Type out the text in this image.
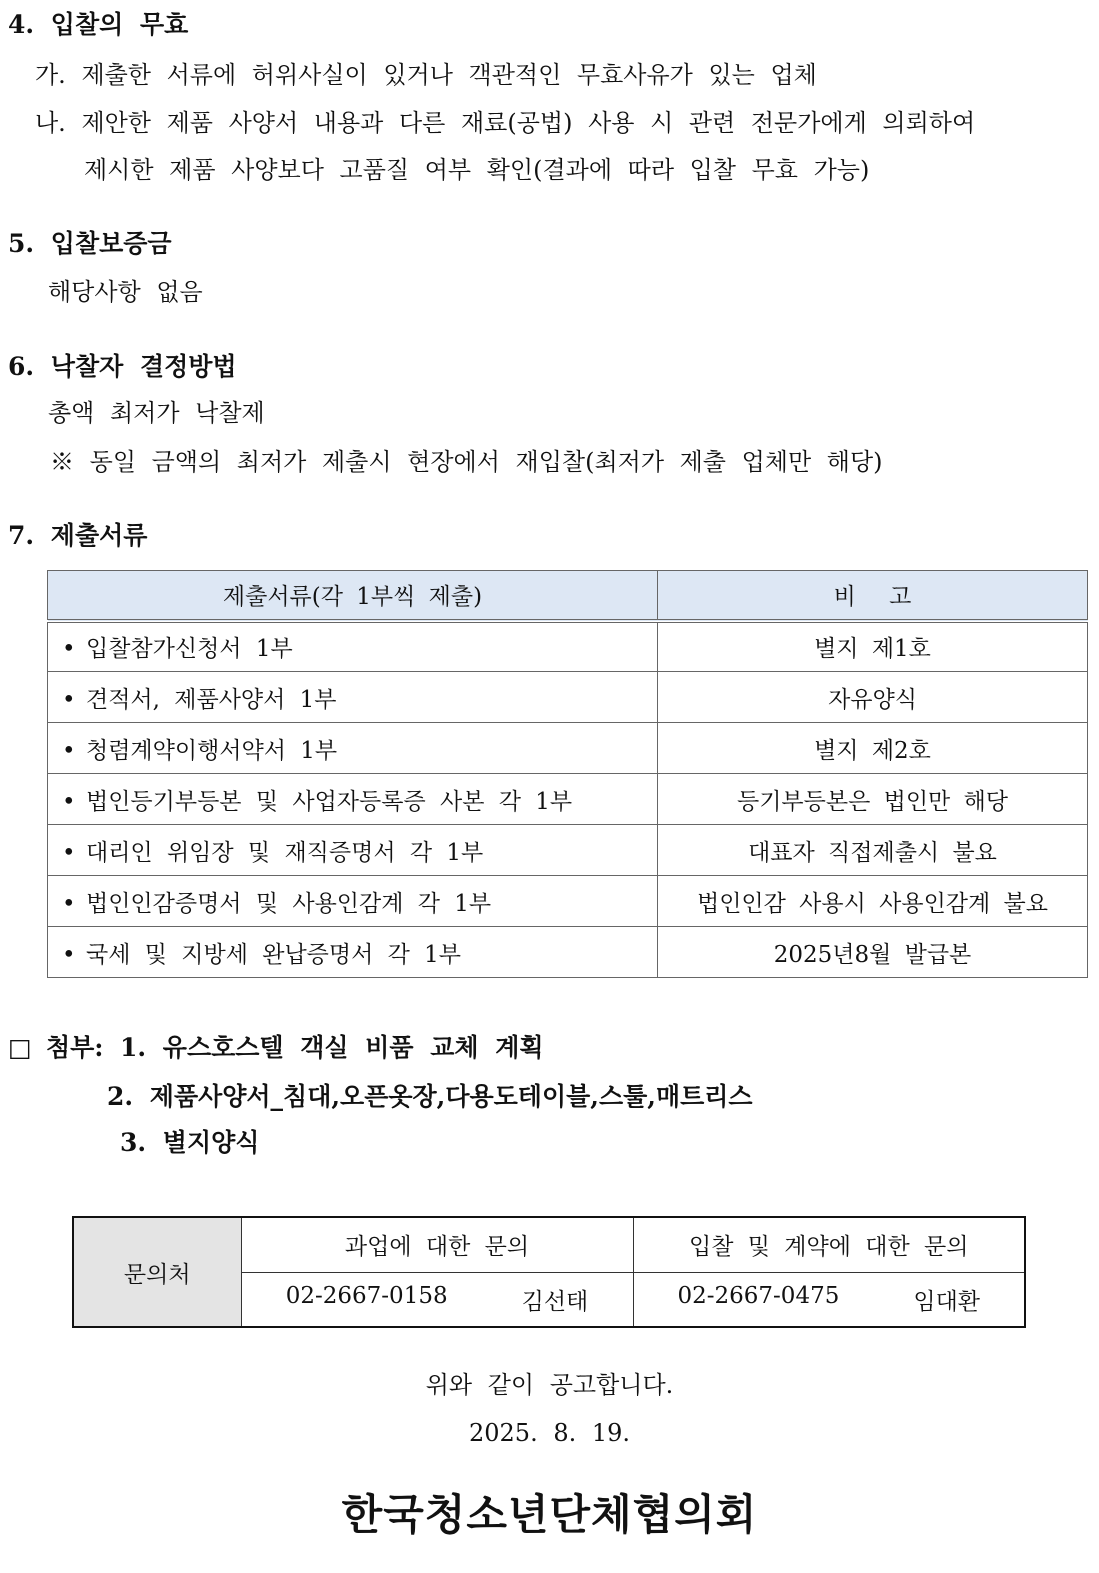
4. 입찰의 무효
가. 제출한 서류에 허위사실이 있거나 객관적인 무효사유가 있는 업체
나. 제안한 제품 사양서 내용과 다른 재료(공법) 사용 시 관련 전문가에게 의뢰하여
제시한 제품 사양보다 고품질 여부 확인(결과에 따라 입찰 무효 가능)
5. 입찰보증금
해당사항 없음
6. 낙찰자 결정방법
총액 최저가 낙찰제
※ 동일 금액의 최저가 제출시 현장에서 재입찰(최저가 제출 업체만 해당)
7. 제출서류
제출서류(각 1부씩 제출)	비 고
• 입찰참가신청서 1부	별지 제1호
• 견적서, 제품사양서 1부	자유양식
• 청렴계약이행서약서 1부	별지 제2호
• 법인등기부등본 및 사업자등록증 사본 각 1부	등기부등본은 법인만 해당
• 대리인 위임장 및 재직증명서 각 1부	대표자 직접제출시 불요
• 법인인감증명서 및 사용인감계 각 1부	법인인감 사용시 사용인감계 불요
• 국세 및 지방세 완납증명서 각 1부	2025년8월 발급본
□ 첨부: 1. 유스호스텔 객실 비품 교체 계획
2. 제품사양서_침대,오픈옷장,다용도테이블,스툴,매트리스
3. 별지양식
문의처	과업에 대한 문의	입찰 및 계약에 대한 문의

	02-2667-0158 김선태	02-2667-0475 임대환
위와 같이 공고합니다.
2025. 8. 19.
한국청소년단체협의회
